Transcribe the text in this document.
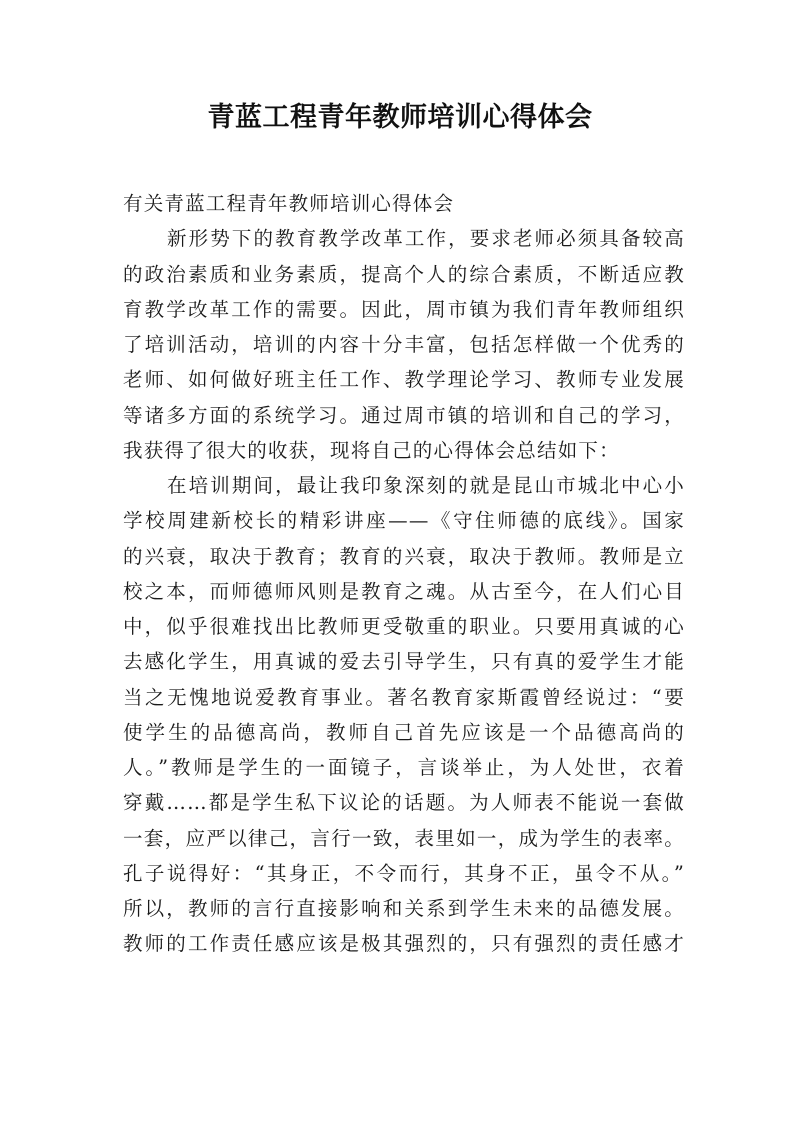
青蓝工程青年教师培训心得体会
有关青蓝工程青年教师培训心得体会
新形势下的教育教学改革工作，要求老师必须具备较高
的政治素质和业务素质，提高个人的综合素质，不断适应教
育教学改革工作的需要。因此，周市镇为我们青年教师组织
了培训活动，培训的内容十分丰富，包括怎样做一个优秀的
老师、如何做好班主任工作、教学理论学习、教师专业发展
等诸多方面的系统学习。通过周市镇的培训和自己的学习，
我获得了很大的收获，现将自己的心得体会总结如下：
在培训期间，最让我印象深刻的就是昆山市城北中心小
学校周建新校长的精彩讲座——《守住师德的底线》。国家
的兴衰，取决于教育；教育的兴衰，取决于教师。教师是立
校之本，而师德师风则是教育之魂。从古至今，在人们心目
中，似乎很难找出比教师更受敬重的职业。只要用真诚的心
去感化学生，用真诚的爱去引导学生，只有真的爱学生才能
当之无愧地说爱教育事业。著名教育家斯霞曾经说过：“要
使学生的品德高尚，教师自己首先应该是一个品德高尚的
人。”教师是学生的一面镜子，言谈举止，为人处世，衣着
穿戴……都是学生私下议论的话题。为人师表不能说一套做
一套，应严以律己，言行一致，表里如一，成为学生的表率。
孔子说得好：“其身正，不令而行，其身不正，虽令不从。”
所以，教师的言行直接影响和关系到学生未来的品德发展。
教师的工作责任感应该是极其强烈的，只有强烈的责任感才
